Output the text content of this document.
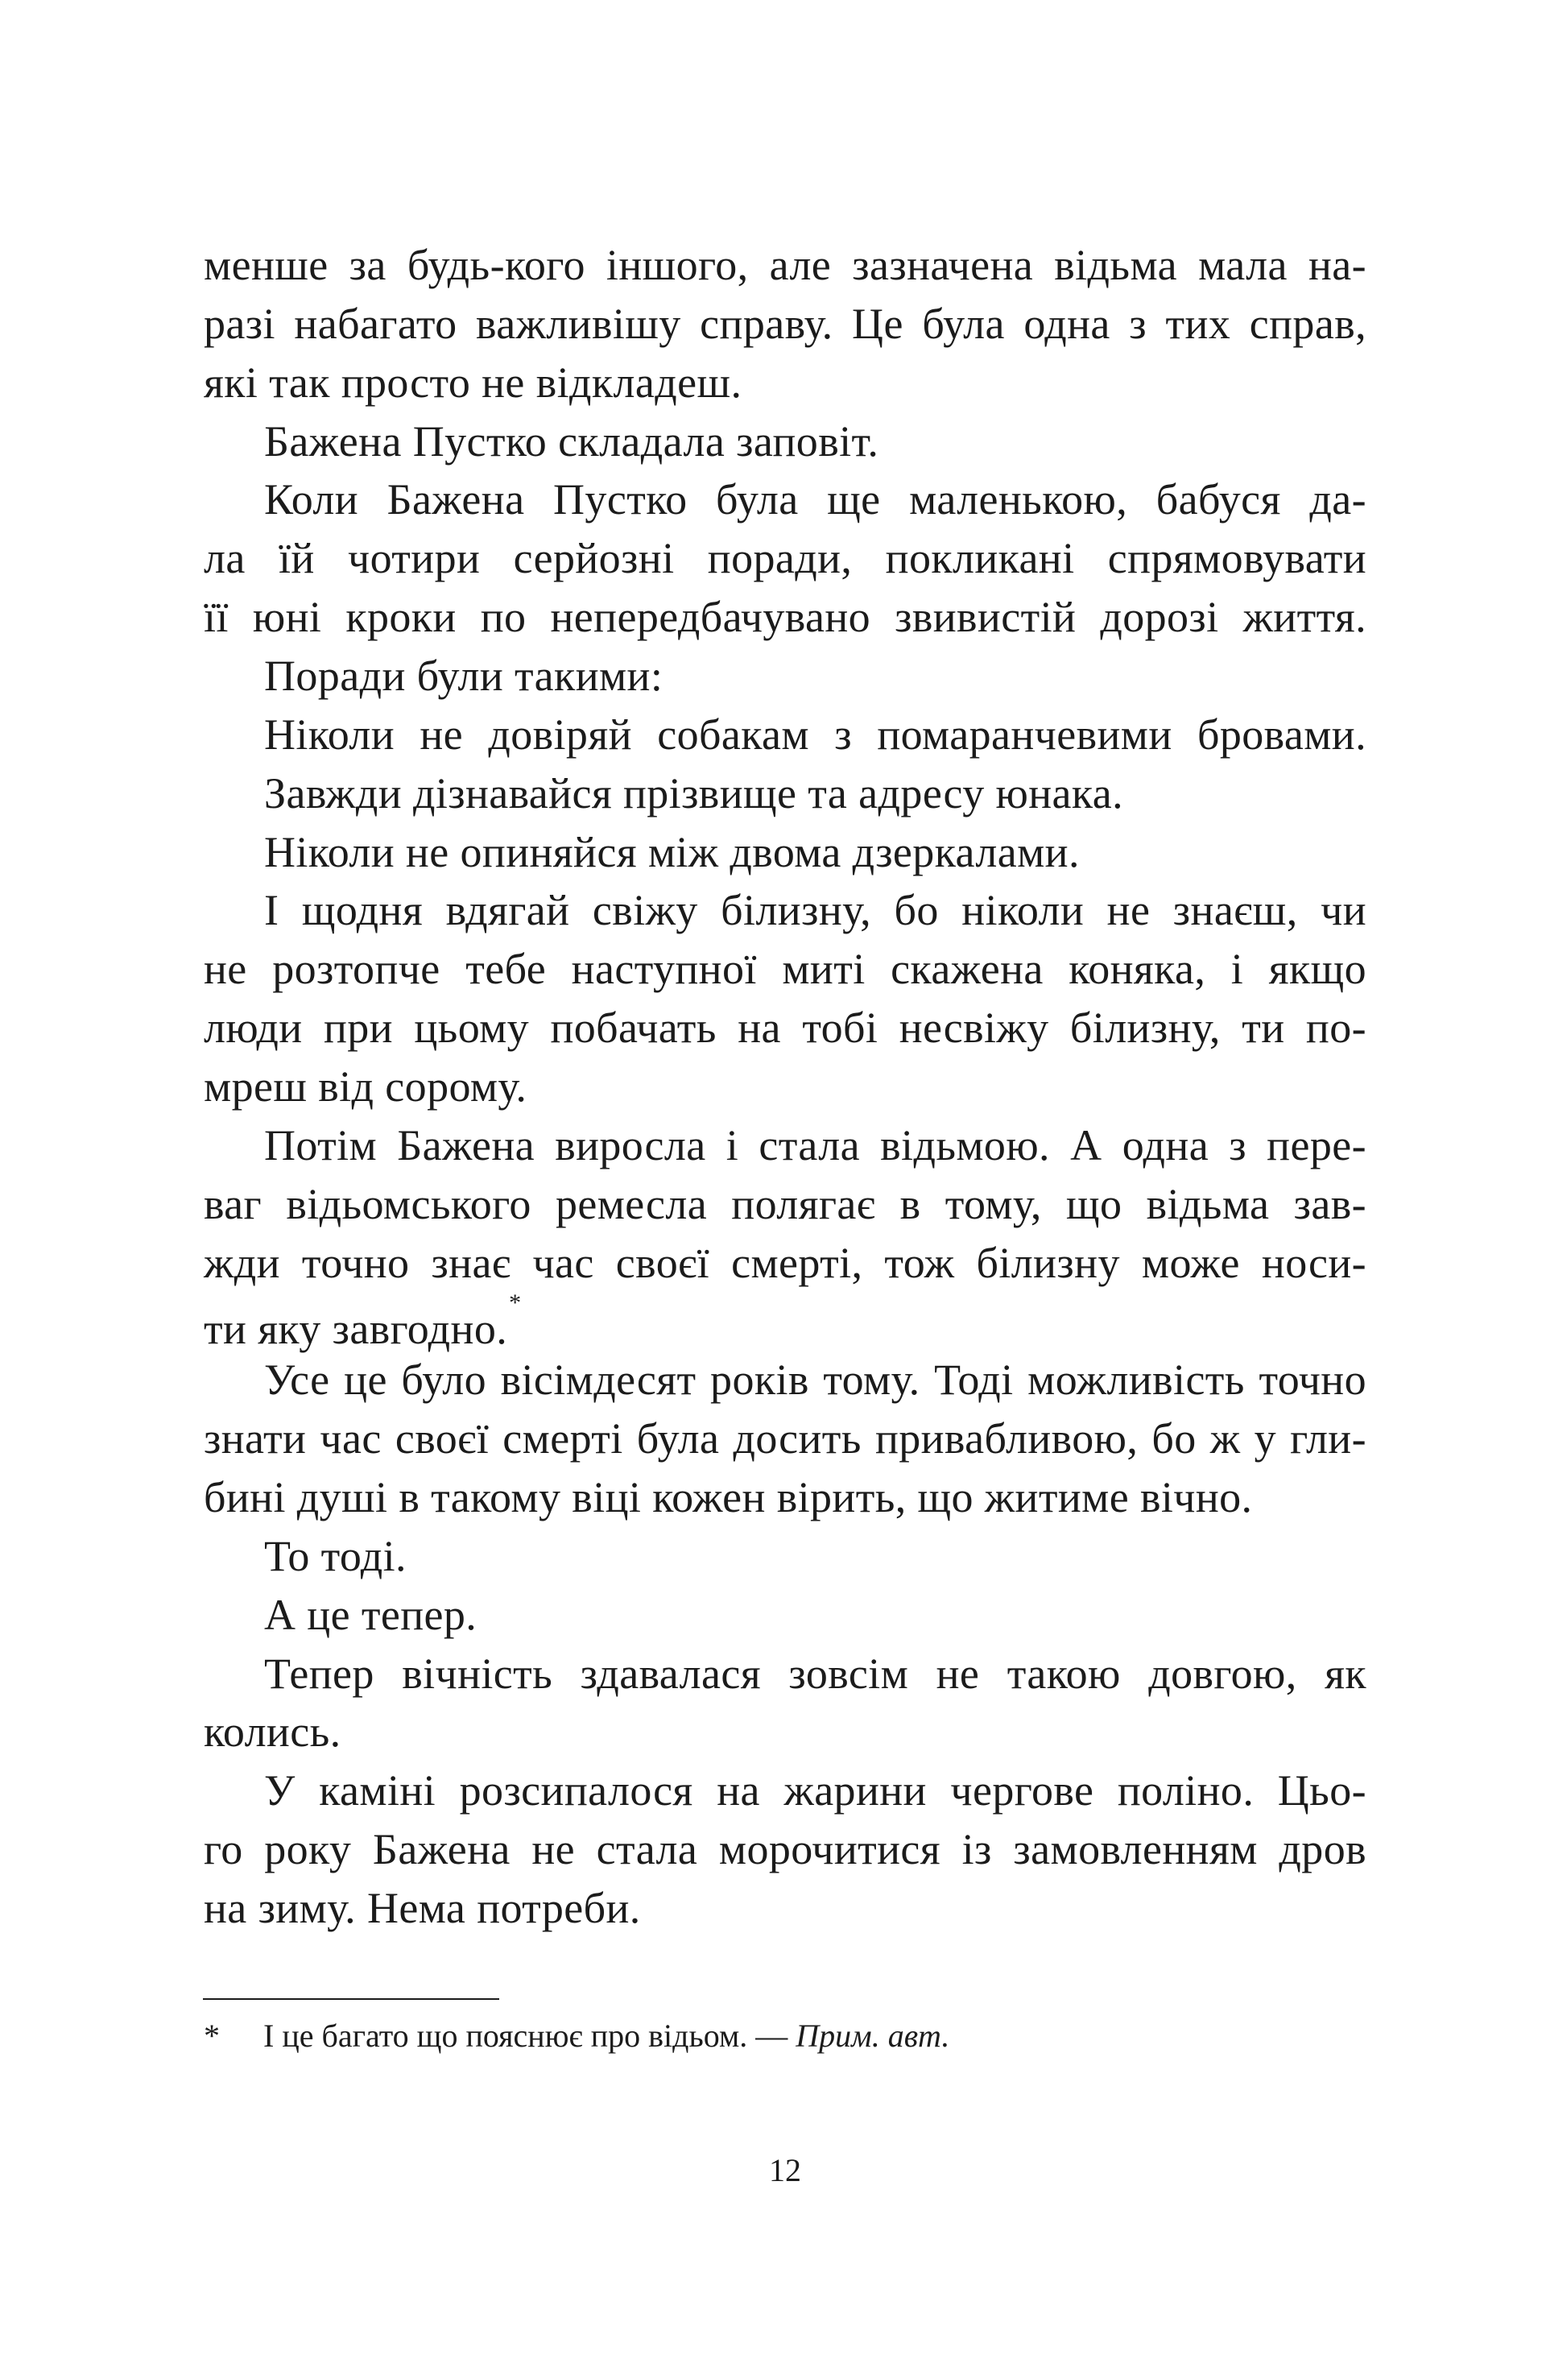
менше за будь-кого іншого, але зазначена відьма мала на-
разі набагато важливішу справу. Це була одна з тих справ,
які так просто не відкладеш.
Бажена Пустко складала заповіт.
Коли Бажена Пустко була ще маленькою, бабуся да-
ла їй чотири серйозні поради, покликані спрямовувати
її юні кроки по непередбачувано звивистій дорозі життя.
Поради були такими:
Ніколи не довіряй собакам з помаранчевими бровами.
Завжди дізнавайся прізвище та адресу юнака.
Ніколи не опиняйся між двома дзеркалами.
І щодня вдягай свіжу білизну, бо ніколи не знаєш, чи
не розтопче тебе наступної миті скажена коняка, і якщо
люди при цьому побачать на тобі несвіжу білизну, ти по-
мреш від сорому.
Потім Бажена виросла і стала відьмою. А одна з пере-
ваг відьомського ремесла полягає в тому, що відьма зав-
жди точно знає час своєї смерті, тож білизну може носи-
ти яку завгодно.*
Усе це було вісімдесят років тому. Тоді можливість точно
знати час своєї смерті була досить привабливою, бо ж у гли-
бині душі в такому віці кожен вірить, що житиме вічно.
То тоді.
А це тепер.
Тепер вічність здавалася зовсім не такою довгою, як
колись.
У каміні розсипалося на жарини чергове поліно. Цьо-
го року Бажена не стала морочитися із замовленням дров
на зиму. Нема потреби.
* І це багато що пояснює про відьом. — Прим. авт.
12
